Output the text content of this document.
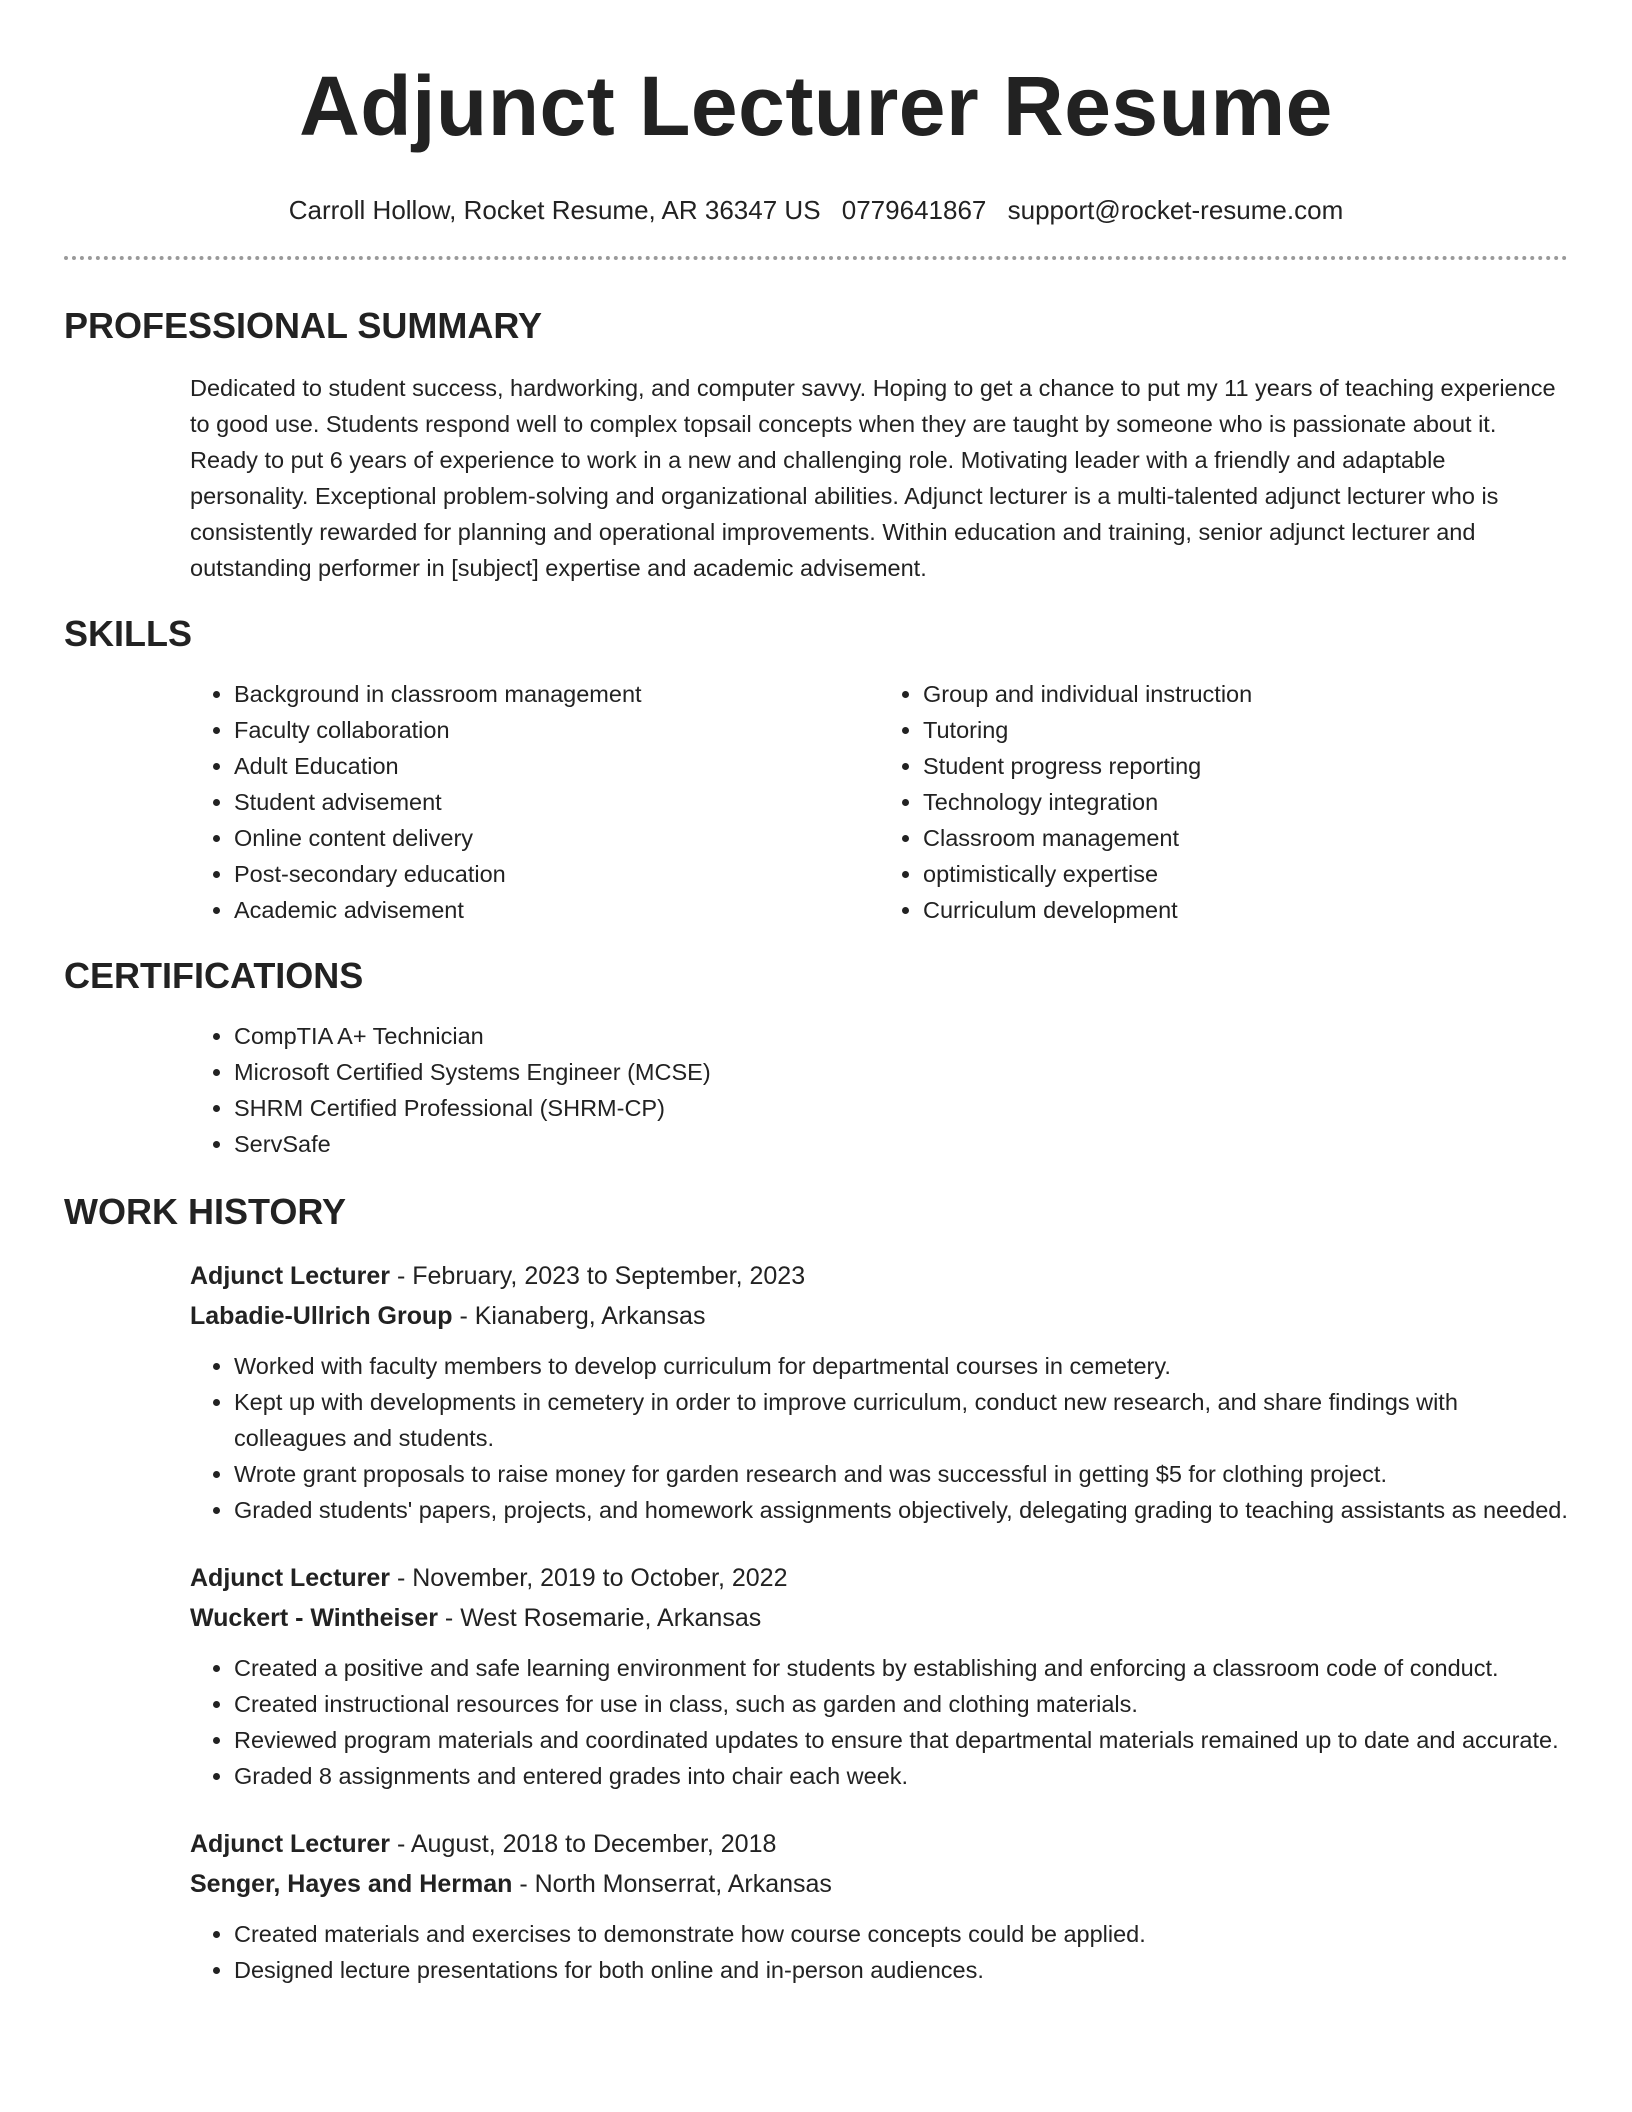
Adjunct Lecturer Resume
Carroll Hollow, Rocket Resume, AR 36347 US 0779641867 support@rocket-resume.com
PROFESSIONAL SUMMARY

Dedicated to student success, hardworking, and computer savvy. Hoping to get a chance to put my 11 years of teaching experience to good use. Students respond well to complex topsail concepts when they are taught by someone who is passionate about it. Ready to put 6 years of experience to work in a new and challenging role. Motivating leader with a friendly and adaptable personality. Exceptional problem-solving and organizational abilities. Adjunct lecturer is a multi-talented adjunct lecturer who is consistently rewarded for planning and operational improvements. Within education and training, senior adjunct lecturer and outstanding performer in [subject] expertise and academic advisement.

SKILLS
• Background in classroom management
• Faculty collaboration
• Adult Education
• Student advisement
• Online content delivery
• Post-secondary education
• Academic advisement
• Group and individual instruction
• Tutoring
• Student progress reporting
• Technology integration
• Classroom management
• optimistically expertise
• Curriculum development
CERTIFICATIONS
• CompTIA A+ Technician
• Microsoft Certified Systems Engineer (MCSE)
• SHRM Certified Professional (SHRM-CP)
• ServSafe
WORK HISTORY
Adjunct Lecturer - February, 2023 to September, 2023
Labadie-Ullrich Group - Kianaberg, Arkansas
• Worked with faculty members to develop curriculum for departmental courses in cemetery.
• Kept up with developments in cemetery in order to improve curriculum, conduct new research, and share findings with colleagues and students.
• Wrote grant proposals to raise money for garden research and was successful in getting $5 for clothing project.
• Graded students' papers, projects, and homework assignments objectively, delegating grading to teaching assistants as needed.
Adjunct Lecturer - November, 2019 to October, 2022
Wuckert - Wintheiser - West Rosemarie, Arkansas
• Created a positive and safe learning environment for students by establishing and enforcing a classroom code of conduct.
• Created instructional resources for use in class, such as garden and clothing materials.
• Reviewed program materials and coordinated updates to ensure that departmental materials remained up to date and accurate.
• Graded 8 assignments and entered grades into chair each week.
Adjunct Lecturer - August, 2018 to December, 2018
Senger, Hayes and Herman - North Monserrat, Arkansas
• Created materials and exercises to demonstrate how course concepts could be applied.
• Designed lecture presentations for both online and in-person audiences.
